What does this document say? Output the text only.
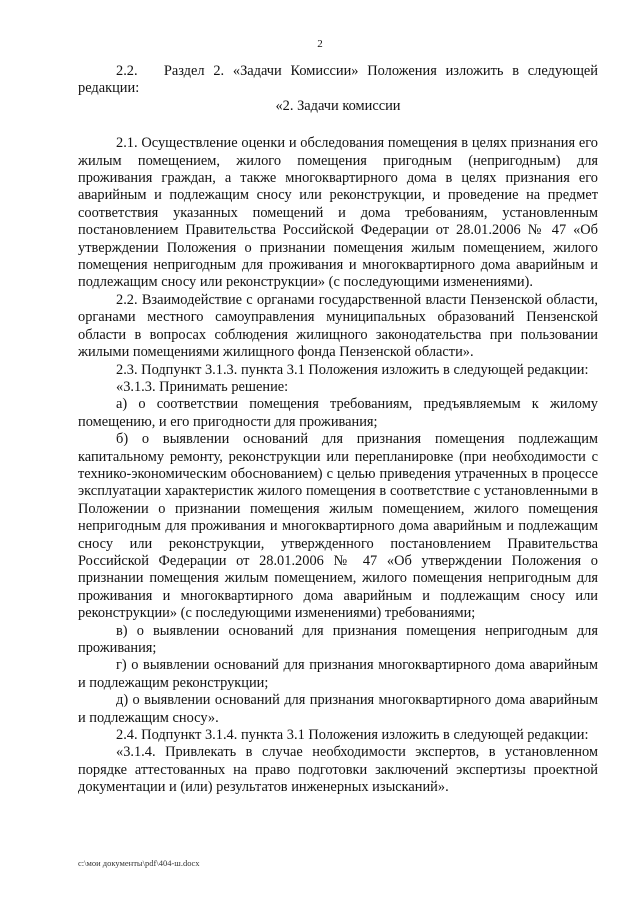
2

2.2.   Раздел 2. «Задачи Комиссии» Положения изложить в следующей редакции:

«2. Задачи комиссии

2.1. Осуществление оценки и обследования помещения в целях признания его жилым помещением, жилого помещения пригодным (непригодным) для проживания граждан, а также многоквартирного дома в целях признания его аварийным и подлежащим сносу или реконструкции, и проведение на предмет соответствия указанных помещений и дома требованиям, установленным постановлением Правительства Российской Федерации от 28.01.2006 № 47 «Об утверждении Положения о признании помещения жилым помещением, жилого помещения непригодным для проживания и многоквартирного дома аварийным и подлежащим сносу или реконструкции» (с последующими изменениями).

2.2. Взаимодействие с органами государственной власти Пензенской области, органами местного самоуправления муниципальных образований Пензенской области в вопросах соблюдения жилищного законодательства при пользовании жилыми помещениями жилищного фонда Пензенской области».

2.3. Подпункт 3.1.3. пункта 3.1 Положения изложить в следующей редакции:

«3.1.3. Принимать решение:

а) о соответствии помещения требованиям, предъявляемым к жилому помещению, и его пригодности для проживания;

б) о выявлении оснований для признания помещения подлежащим капитальному ремонту, реконструкции или перепланировке (при необходимости с технико-экономическим обоснованием) с целью приведения утраченных в процессе эксплуатации характеристик жилого помещения в соответствие с установленными в Положении о признании помещения жилым помещением, жилого помещения непригодным для проживания и многоквартирного дома аварийным и подлежащим сносу или реконструкции, утвержденного постановлением Правительства Российской Федерации от 28.01.2006 № 47 «Об утверждении Положения о признании помещения жилым помещением, жилого помещения непригодным для проживания и многоквартирного дома аварийным и подлежащим сносу или реконструкции» (с последующими изменениями) требованиями;

в) о выявлении оснований для признания помещения непригодным для проживания;

г) о выявлении оснований для признания многоквартирного дома аварийным и подлежащим реконструкции;

д) о выявлении оснований для признания многоквартирного дома аварийным и подлежащим сносу».

2.4. Подпункт 3.1.4. пункта 3.1 Положения изложить в следующей редакции:

«3.1.4. Привлекать в случае необходимости экспертов, в установленном порядке аттестованных на право подготовки заключений экспертизы проектной документации и (или) результатов инженерных изысканий».

c:\мои документы\pdf\404-ш.docx
